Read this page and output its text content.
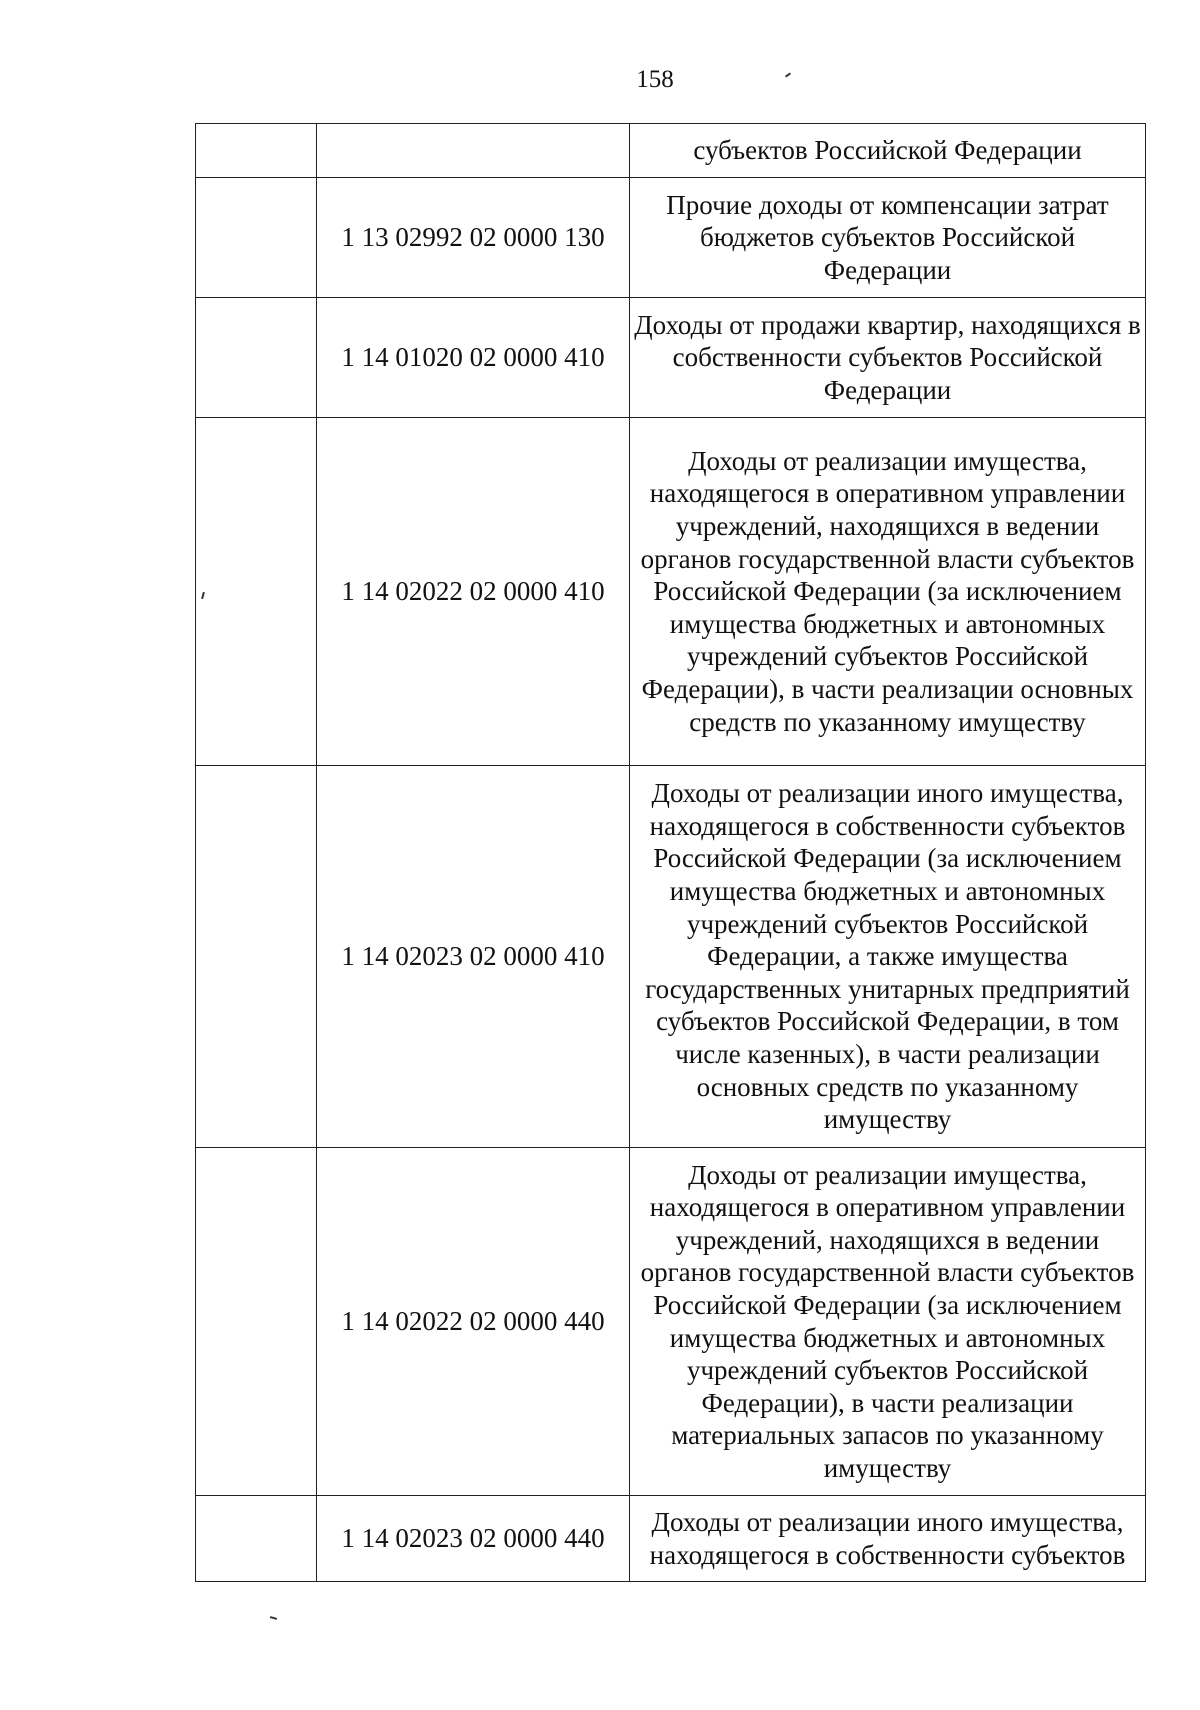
158
		субъектов Российской Федерации
	1 13 02992 02 0000 130	Прочие доходы от компенсации затрат бюджетов субъектов Российской Федерации
	1 14 01020 02 0000 410	Доходы от продажи квартир, находящихся в собственности субъектов Российской Федерации
	1 14 02022 02 0000 410	Доходы от реализации имущества, находящегося в оперативном управлении учреждений, находящихся в ведении органов государственной власти субъектов Российской Федерации (за исключением имущества бюджетных и автономных учреждений субъектов Российской Федерации), в части реализации основных средств по указанному имуществу
	1 14 02023 02 0000 410	Доходы от реализации иного имущества, находящегося в собственности субъектов Российской Федерации (за исключением имущества бюджетных и автономных учреждений субъектов Российской Федерации, а также имущества государственных унитарных предприятий субъектов Российской Федерации, в том числе казенных), в части реализации основных средств по указанному имуществу
	1 14 02022 02 0000 440	Доходы от реализации имущества, находящегося в оперативном управлении учреждений, находящихся в ведении органов государственной власти субъектов Российской Федерации (за исключением имущества бюджетных и автономных учреждений субъектов Российской Федерации), в части реализации материальных запасов по указанному имуществу
	1 14 02023 02 0000 440	Доходы от реализации иного имущества, находящегося в собственности субъектов
